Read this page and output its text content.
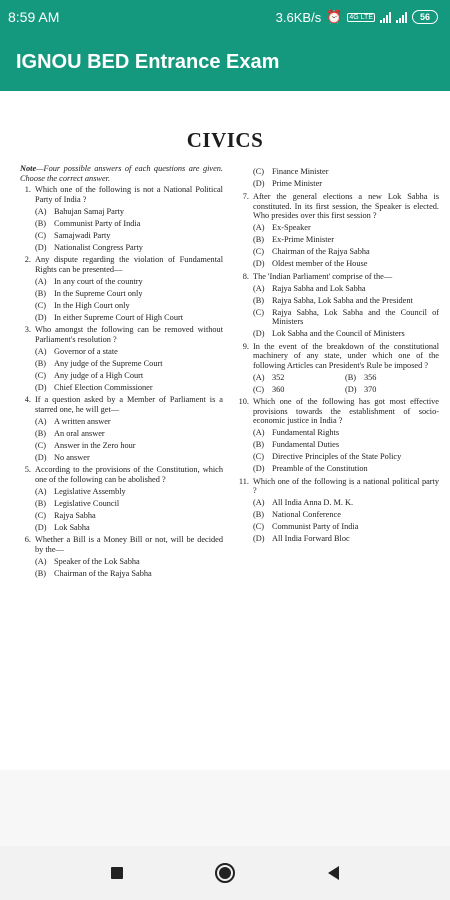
8:59 AM	3.6KB/s ⏰ 4G LTE	56
IGNOU BED Entrance Exam
CIVICS

Note—Four possible answers of each questions are given. Choose the correct answer.

1. Which one of the following is not a National Political Party of India ?
(A) Bahujan Samaj Party
(B) Communist Party of India
(C) Samajwadi Party
(D) Nationalist Congress Party
2. Any dispute regarding the violation of Fundamental Rights can be presented—
(A) In any court of the country
(B) In the Supreme Court only
(C) In the High Court only
(D) In either Supreme Court of High Court
3. Who amongst the following can be removed without Parliament's resolution ?
(A) Governor of a state
(B) Any judge of the Supreme Court
(C) Any judge of a High Court
(D) Chief Election Commissioner
4. If a question asked by a Member of Parliament is a starred one, he will get—
(A) A written answer
(B) An oral answer
(C) Answer in the Zero hour
(D) No answer
5. According to the provisions of the Constitution, which one of the following can be abolished ?
(A) Legislative Assembly
(B) Legislative Council
(C) Rajya Sabha
(D) Lok Sabha
6. Whether a Bill is a Money Bill or not, will be decided by the—
(A) Speaker of the Lok Sabha
(B) Chairman of the Rajya Sabha
(C) Finance Minister
(D) Prime Minister
7. After the general elections a new Lok Sabha is constituted. In its first session, the Speaker is elected. Who presides over this first session ?
(A) Ex-Speaker
(B) Ex-Prime Minister
(C) Chairman of the Rajya Sabha
(D) Oldest member of the House
8. The 'Indian Parliament' comprise of the—
(A) Rajya Sabha and Lok Sabha
(B) Rajya Sabha, Lok Sabha and the President
(C) Rajya Sabha, Lok Sabha and the Council of Ministers
(D) Lok Sabha and the Council of Ministers
9. In the event of the breakdown of the constitutional machinery of any state, under which one of the following Articles can President's Rule be imposed ?
(A) 352	(B) 356
(C) 360	(D) 370
10. Which one of the following has got most effective provisions towards the establishment of socio-economic justice in India ?
(A) Fundamental Rights
(B) Fundamental Duties
(C) Directive Principles of the State Policy
(D) Preamble of the Constitution
11. Which one of the following is a national political party ?
(A) All India Anna D. M. K.
(B) National Conference
(C) Communist Party of India
(D) All India Forward Bloc
